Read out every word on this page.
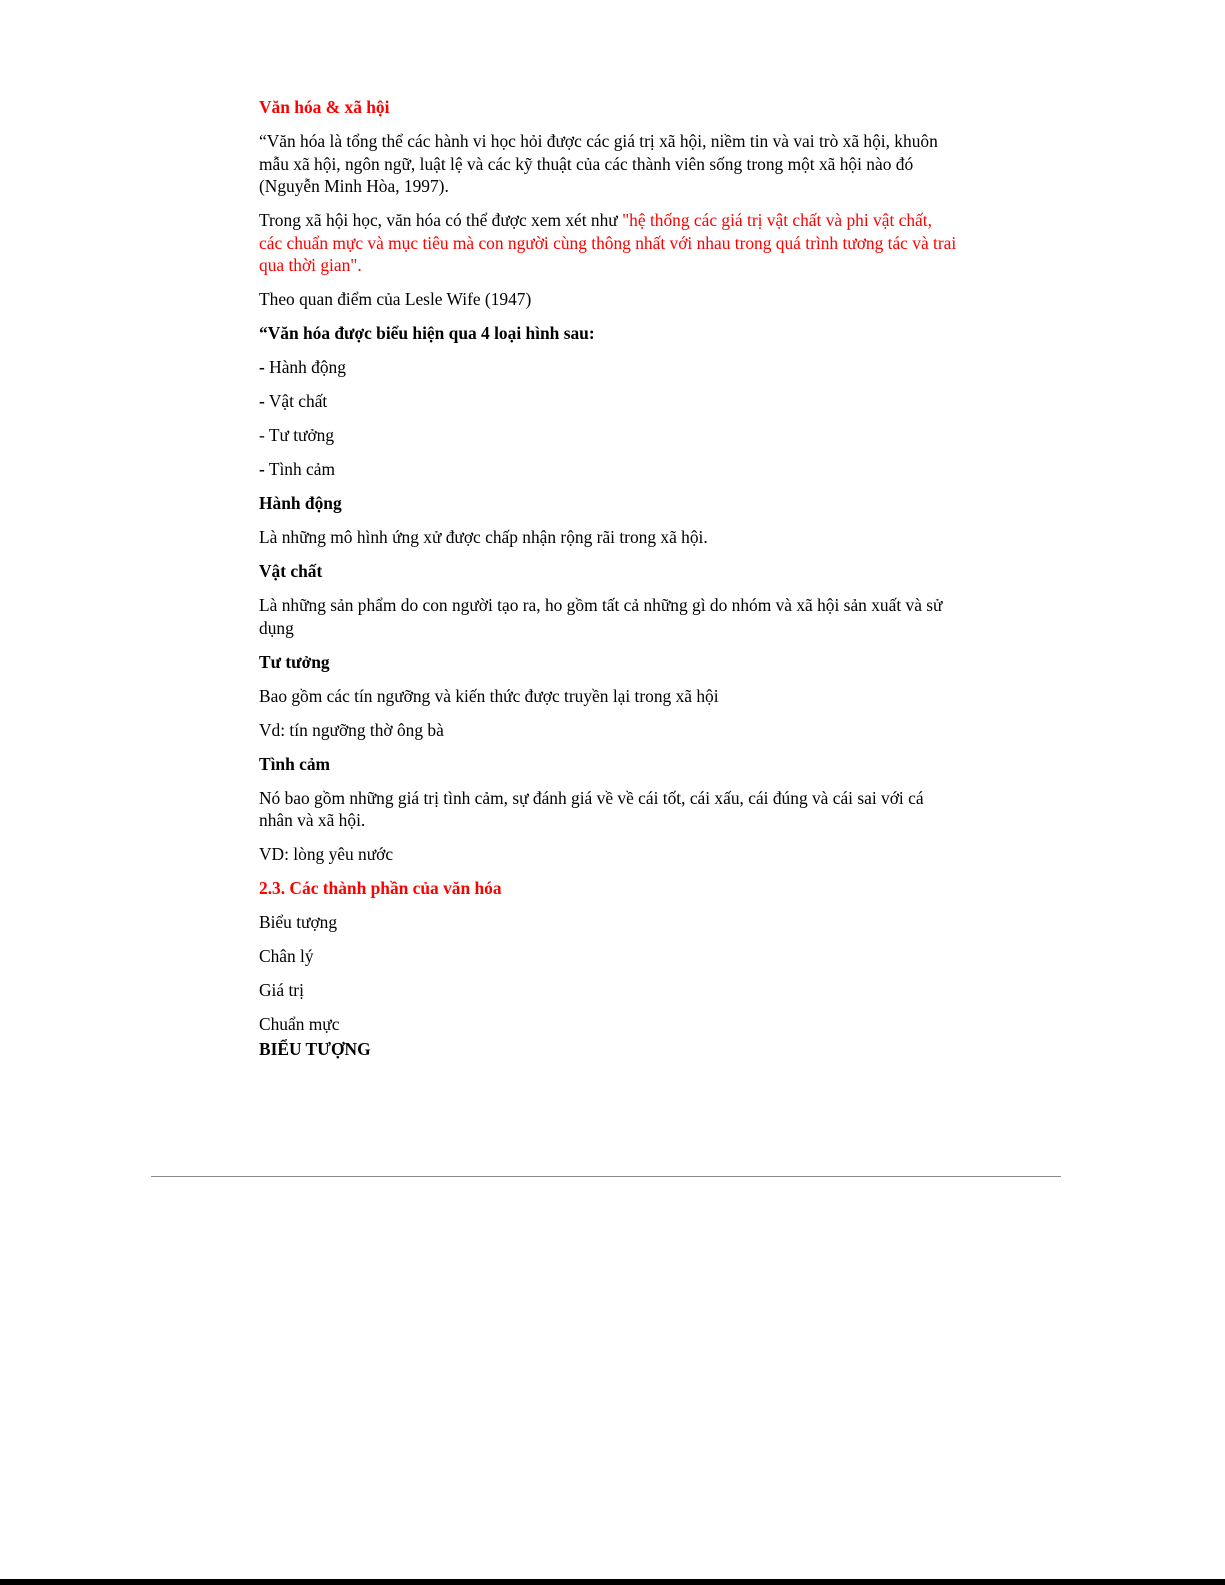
Văn hóa & xã hội

“Văn hóa là tổng thể các hành vi học hỏi được các giá trị xã hội, niềm tin và vai trò xã hội, khuôn mẫu xã hội, ngôn ngữ, luật lệ và các kỹ thuật của các thành viên sống trong một xã hội nào đó (Nguyễn Minh Hòa, 1997).

Trong xã hội học, văn hóa có thể được xem xét như "hệ thống các giá trị vật chất và phi vật chất, các chuẩn mực và mục tiêu mà con người cùng thông nhất với nhau trong quá trình tương tác và trai qua thời gian".

Theo quan điểm của Lesle Wife (1947)

“Văn hóa được biểu hiện qua 4 loại hình sau:

- Hành động

- Vật chất

- Tư tưởng

- Tình cảm

Hành động

Là những mô hình ứng xử được chấp nhận rộng rãi trong xã hội.

Vật chất

Là những sản phẩm do con người tạo ra, ho gồm tất cả những gì do nhóm và xã hội sản xuất và sử dụng

Tư tưởng

Bao gồm các tín ngưỡng và kiến thức được truyền lại trong xã hội

Vd: tín ngưỡng thờ ông bà

Tình cảm

Nó bao gồm những giá trị tình cảm, sự đánh giá về về cái tốt, cái xấu, cái đúng và cái sai với cá nhân và xã hội.

VD: lòng yêu nước

2.3. Các thành phần của văn hóa

Biểu tượng

Chân lý

Giá trị

Chuẩn mực

BIỂU TƯỢNG
